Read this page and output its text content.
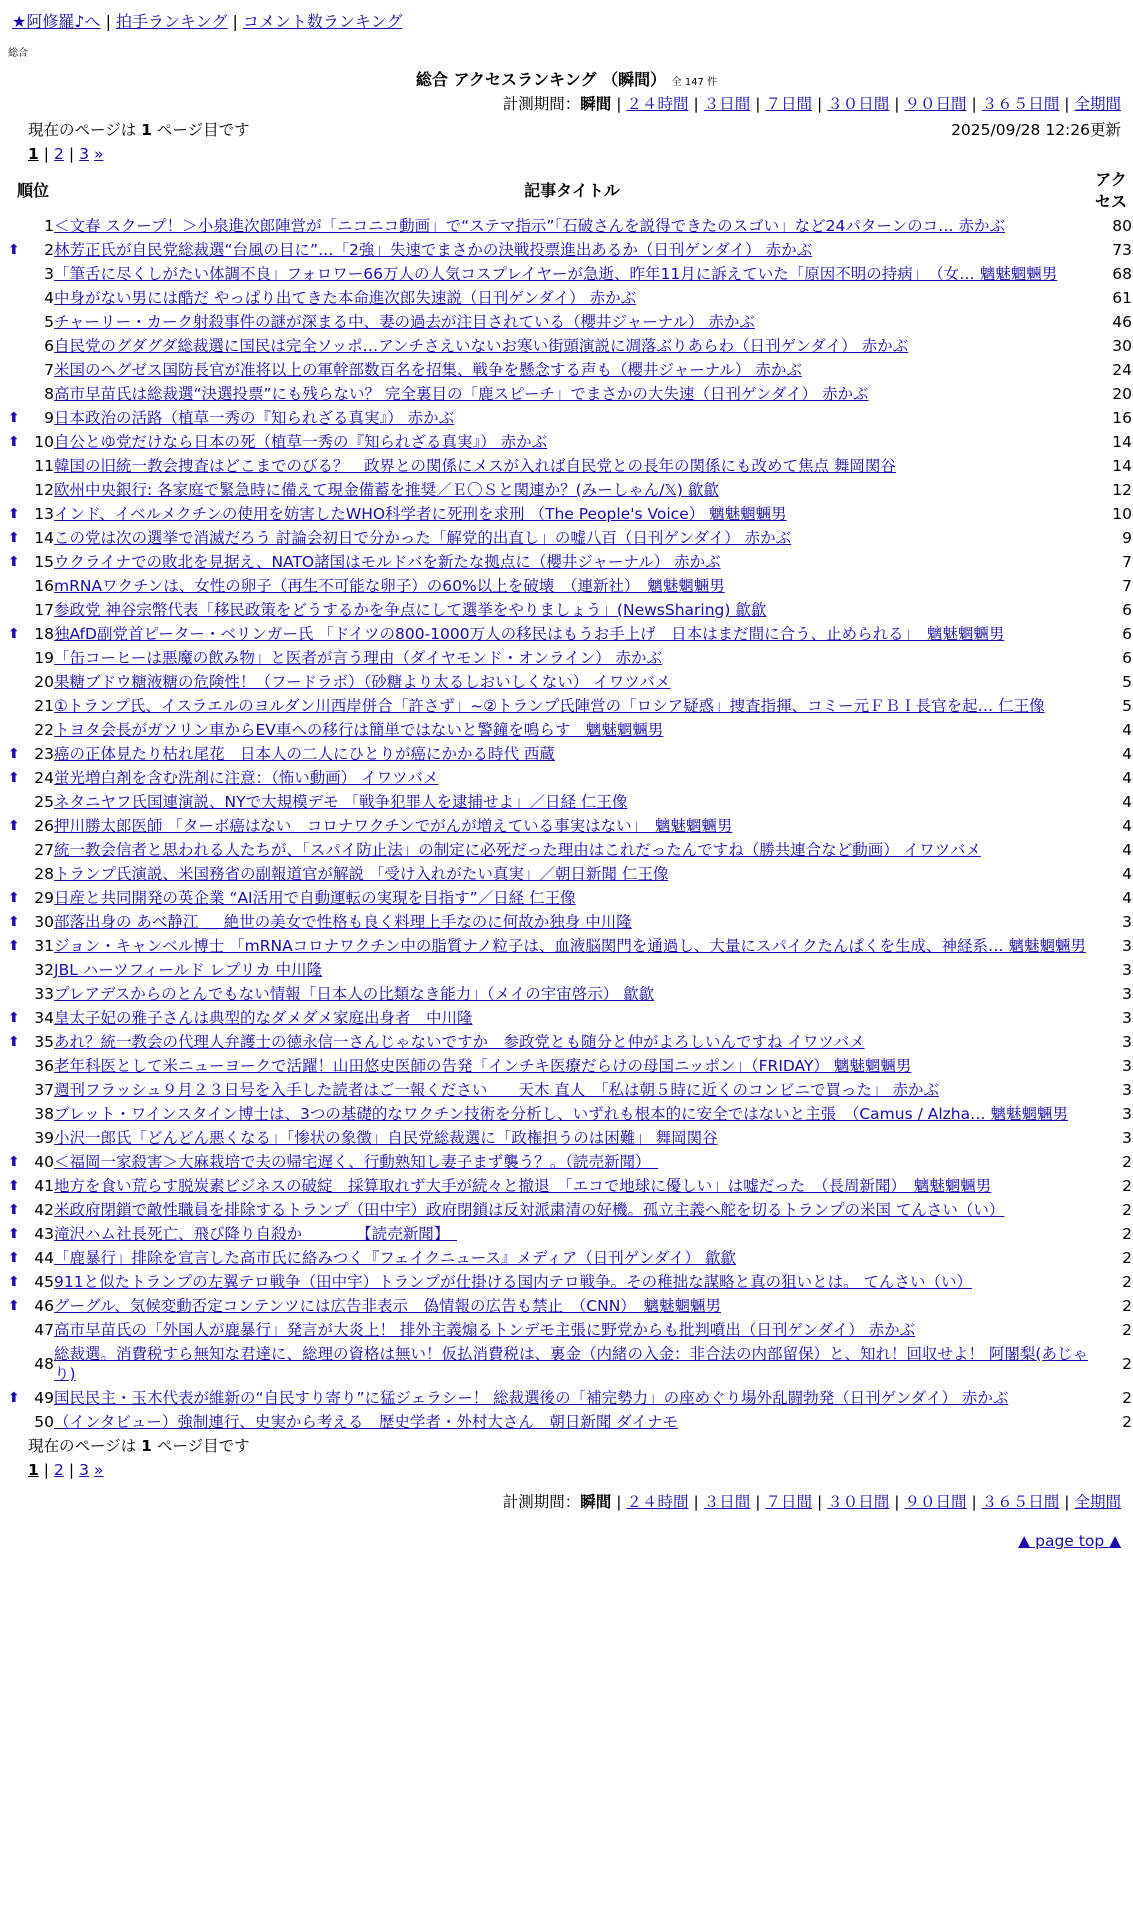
★阿修羅♪へ | 拍手ランキング | コメント数ランキング
総合
総合 アクセスランキング （瞬間） 全 147 件
計測期間：瞬間 | ２４時間 | ３日間 | ７日間 | ３０日間 | ９０日間 | ３６５日間 | 全期間
現在のページは 1 ページ目です	2025/09/28 12:26更新
1 | 2 | 3 »
順位	記事タイトル	アクセス
1	＜文春 スクープ！＞小泉進次郎陣営が「ニコニコ動画」で“ステマ指示”「石破さんを説得できたのスゴい」など24パターンのコ… 赤かぶ	80

⬆ 2	林芳正氏が自民党総裁選“台風の目に”…「2強」失速でまさかの決戦投票進出あるか（日刊ゲンダイ） 赤かぶ	73
3	「筆舌に尽くしがたい体調不良」フォロワー66万人の人気コスプレイヤーが急逝、昨年11月に訴えていた「原因不明の持病」　（女… 魑魅魍魎男	68
4	中身がない男には酷だ やっぱり出てきた本命進次郎失速説（日刊ゲンダイ） 赤かぶ	61
5	チャーリー・カーク射殺事件の謎が深まる中、妻の過去が注目されている（櫻井ジャーナル） 赤かぶ	46
6	自民党のグダグダ総裁選に国民は完全ソッポ…アンチさえいないお寒い街頭演説に凋落ぶりあらわ（日刊ゲンダイ） 赤かぶ	30
7	米国のヘグゼス国防長官が准将以上の軍幹部数百名を招集、戦争を懸念する声も（櫻井ジャーナル） 赤かぶ	24
8	高市早苗氏は総裁選“決選投票”にも残らない？ 完全裏目の「鹿スピーチ」でまさかの大失速（日刊ゲンダイ） 赤かぶ	20

⬆ 9	日本政治の活路（植草一秀の『知られざる真実』） 赤かぶ	16

⬆ 10	自公とゆ党だけなら日本の死（植草一秀の『知られざる真実』） 赤かぶ	14
11	韓国の旧統一教会捜査はどこまでのびる？　政界との関係にメスが入れば自民党との長年の関係にも改めて焦点 舞岡関谷	14
12	欧州中央銀行: 各家庭で緊急時に備えて現金備蓄を推奨／Ｅ〇Ｓと関連か？(みーしゃん/𝕏) 歙歙	12

⬆ 13	インド、イベルメクチンの使用を妨害したWHO科学者に死刑を求刑 （The People's Voice） 魑魅魍魎男	10

⬆ 14	この党は次の選挙で消滅だろう 討論会初日で分かった「解党的出直し」の嘘八百（日刊ゲンダイ） 赤かぶ	9

⬆ 15	ウクライナでの敗北を見据え、NATO諸国はモルドバを新たな拠点に（櫻井ジャーナル） 赤かぶ	7
16	mRNAワクチンは、女性の卵子（再生不可能な卵子）の60%以上を破壊　（連新社）　魑魅魍魎男	7
17	参政党 神谷宗幣代表「移民政策をどうするかを争点にして選挙をやりましょう」(NewsSharing) 歙歙	6

⬆ 18	独AfD副党首ピーター・ベリンガー氏 「ドイツの800-1000万人の移民はもうお手上げ　日本はまだ間に合う、止められる」　魑魅魍魎男	6
19	「缶コーヒーは悪魔の飲み物」と医者が言う理由（ダイヤモンド・オンライン） 赤かぶ	6
20	果糖ブドウ糖液糖の危険性！（フードラボ）（砂糖より太るしおいしくない） イワツバメ	5
21	①トランプ氏、イスラエルのヨルダン川西岸併合「許さず」~②トランプ氏陣営の「ロシア疑惑」捜査指揮、コミー元ＦＢＩ長官を起… 仁王像	5
22	トヨタ会長がガソリン車からEV車への移行は簡単ではないと警鐘を鳴らす　魑魅魍魎男	4

⬆ 23	癌の正体見たり枯れ尾花　日本人の二人にひとりが癌にかかる時代 西蔵	4

⬆ 24	蛍光増白剤を含む洗剤に注意：（怖い動画） イワツバメ	4
25	ネタニヤフ氏国連演説、NYで大規模デモ 「戦争犯罪人を逮捕せよ」／日経 仁王像	4

⬆ 26	押川勝太郎医師 「ターボ癌はない　コロナワクチンでがんが増えている事実はない」　魑魅魍魎男	4
27	統一教会信者と思われる人たちが、「スパイ防止法」の制定に必死だった理由はこれだったんですね（勝共連合など動画） イワツバメ	4
28	トランプ氏演説、米国務省の副報道官が解説 「受け入れがたい真実」／朝日新聞 仁王像	4

⬆ 29	日産と共同開発の英企業 “AI活用で自動運転の実現を目指す”／日経 仁王像	4

⬆ 30	部落出身の あべ静江 ＿ 絶世の美女で性格も良く料理上手なのに何故か独身 中川隆	3

⬆ 31	ジョン・キャンベル博士 「mRNAコロナワクチン中の脂質ナノ粒子は、血液脳関門を通過し、大量にスパイクたんぱくを生成、神経系… 魑魅魍魎男	3
32	JBL ハーツフィールド レプリカ 中川隆	3
33	プレアデスからのとんでもない情報「日本人の比類なき能力」（メイの宇宙啓示） 歙歙	3

⬆ 34	皇太子妃の雅子さんは典型的なダメダメ家庭出身者　中川隆	3

⬆ 35	あれ？統一教会の代理人弁護士の徳永信一さんじゃないですか　参政党とも随分と仲がよろしいんですね イワツバメ	3
36	老年科医として米ニューヨークで活躍！山田悠史医師の告発「インチキ医療だらけの母国ニッポン」（FRIDAY） 魑魅魍魎男	3
37	週刊フラッシュ９月２３日号を入手した読者はご一報ください　　天木 直人　「私は朝５時に近くのコンビニで買った」 赤かぶ	3
38	ブレット・ワインスタイン博士は、3つの基礎的なワクチン技術を分析し、いずれも根本的に安全ではないと主張　（Camus / Alzha… 魑魅魍魎男	3
39	小沢一郎氏「どんどん悪くなる」「惨状の象徴」自民党総裁選に「政権担うのは困難」 舞岡関谷	3

⬆ 40	＜福岡一家殺害＞大麻栽培で夫の帰宅遅く、行動熟知し妻子まず襲う？。（読売新聞）　	2

⬆ 41	地方を食い荒らす脱炭素ビジネスの破綻　採算取れず大手が続々と撤退　「エコで地球に優しい」は嘘だった　（長周新聞）　魑魅魍魎男	2

⬆ 42	米政府閉鎖で敵性職員を排除するトランプ（田中宇）政府閉鎖は反対派粛清の好機。孤立主義へ舵を切るトランプの米国 てんさい（い）	2

⬆ 43	滝沢ハム社長死亡、飛び降り自殺か　　　　【読売新聞】　	2

⬆ 44	「鹿暴行」排除を宣言した高市氏に絡みつく『フェイクニュース』メディア（日刊ゲンダイ） 歙歙	2

⬆ 45	911と似たトランプの左翼テロ戦争（田中宇）トランプが仕掛ける国内テロ戦争。その稚拙な謀略と真の狙いとは。 てんさい（い）	2

⬆ 46	グーグル、気候変動否定コンテンツには広告非表示　偽情報の広告も禁止　（CNN）　魑魅魍魎男	2
47	高市早苗氏の「外国人が鹿暴行」発言が大炎上！ 排外主義煽るトンデモ主張に野党からも批判噴出（日刊ゲンダイ） 赤かぶ	2
48	総裁選。消費税すら無知な君達に、総理の資格は無い！仮払消費税は、裏金（内緒の入金：非合法の内部留保）と、知れ！回収せよ！ 阿闍梨(あじゃり)	2

⬆ 49	国民民主・玉木代表が維新の“自民すり寄り”に猛ジェラシー！ 総裁選後の「補完勢力」の座めぐり場外乱闘勃発（日刊ゲンダイ） 赤かぶ	2
50	（インタビュー）強制連行、史実から考える　歴史学者・外村大さん　朝日新聞 ダイナモ	2
現在のページは 1 ページ目です
1 | 2 | 3 »
計測期間：瞬間 | ２４時間 | ３日間 | ７日間 | ３０日間 | ９０日間 | ３６５日間 | 全期間
▲ page top ▲
